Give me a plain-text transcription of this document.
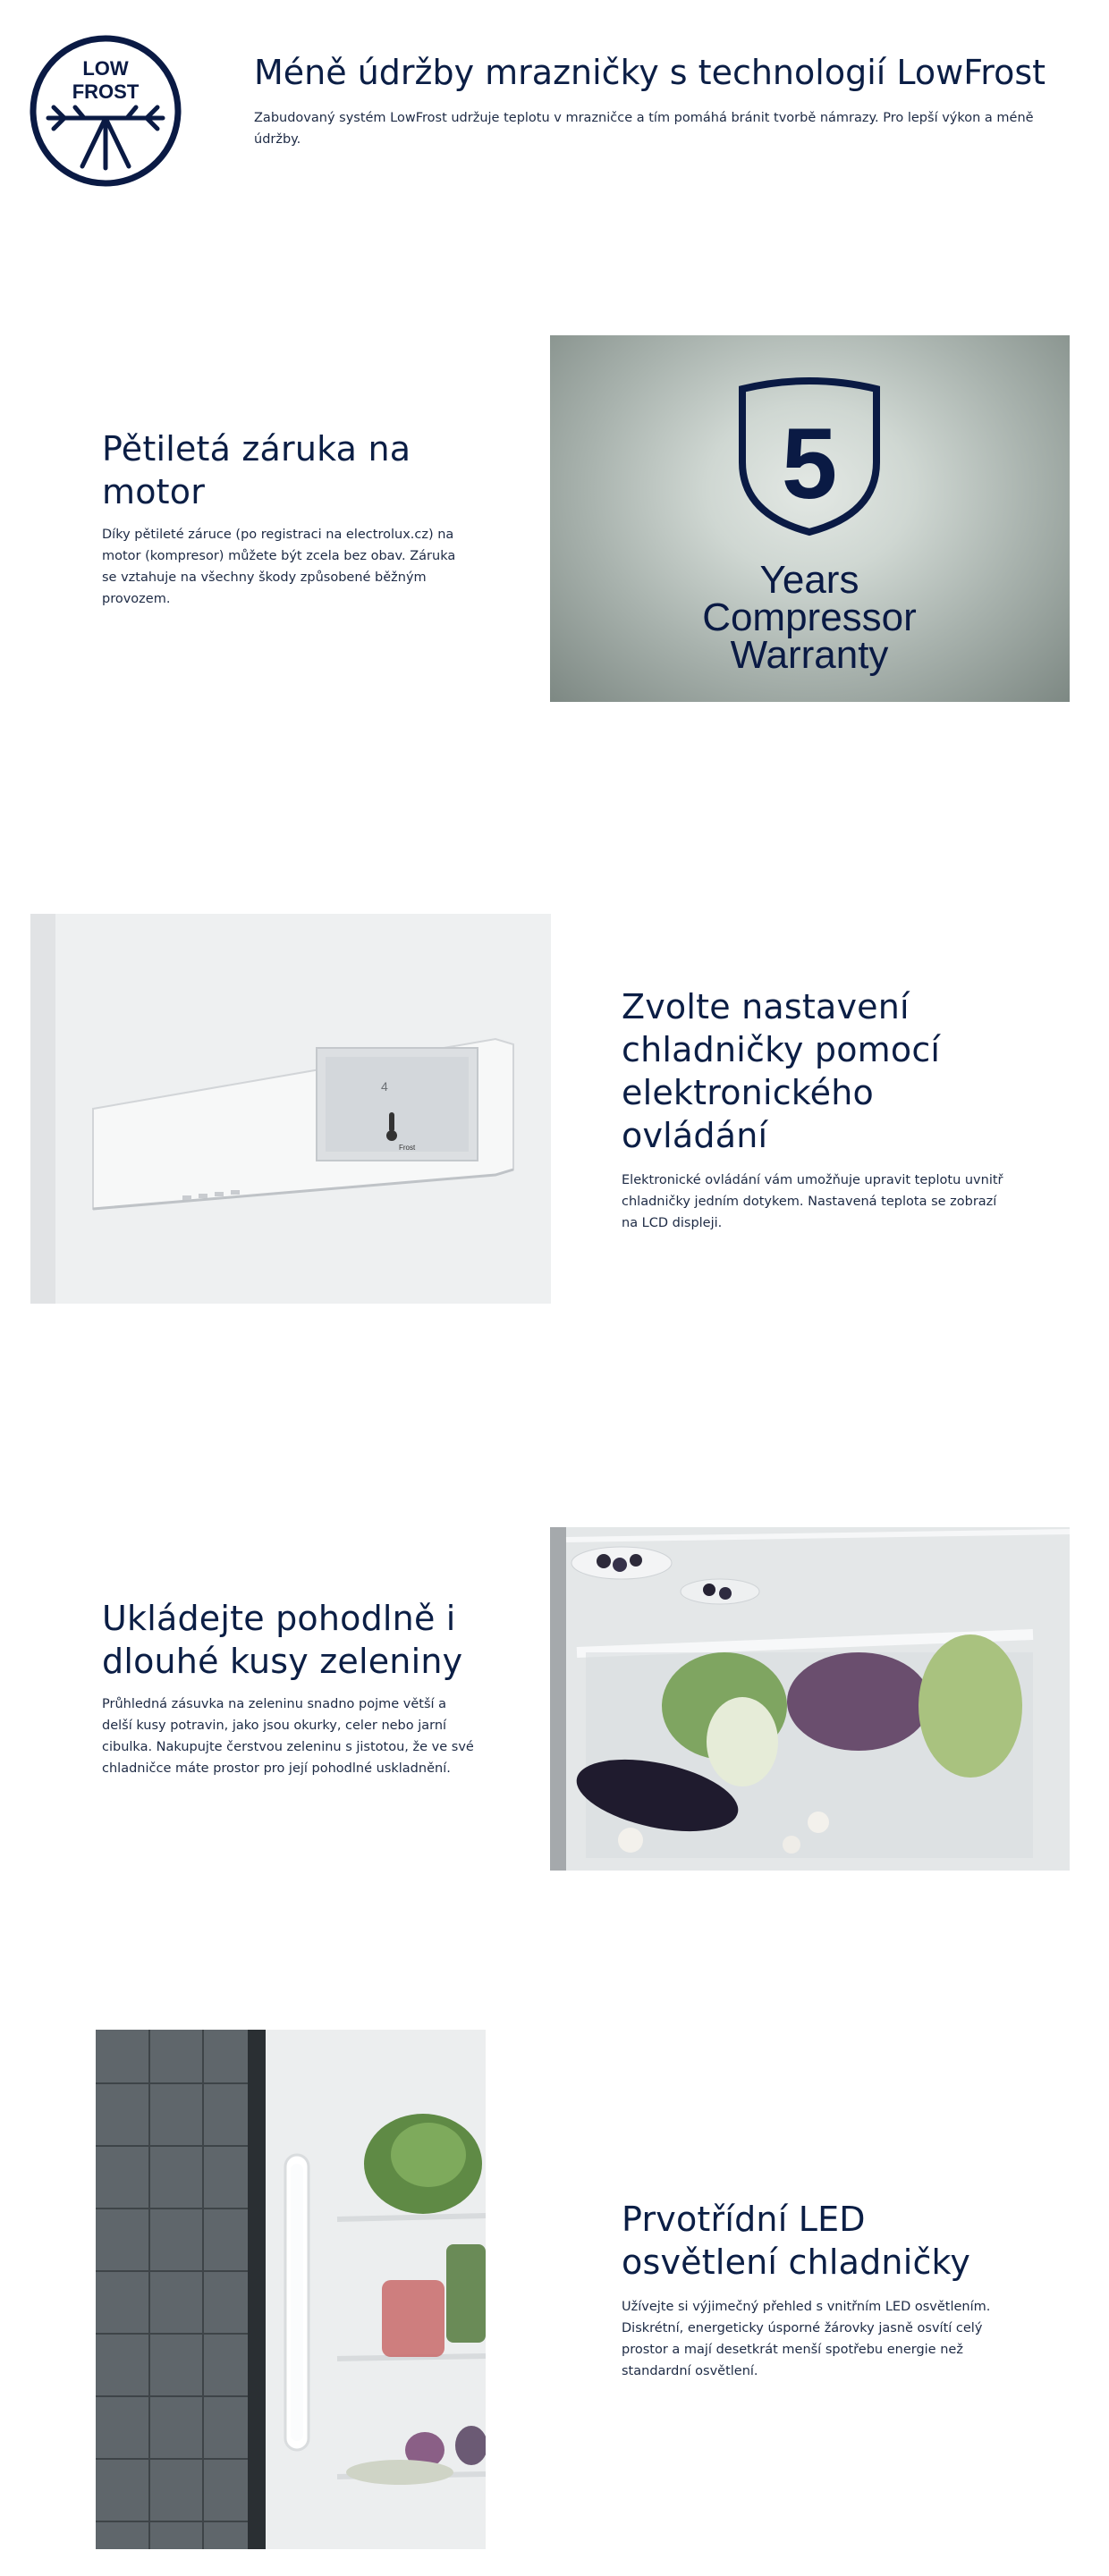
LOW
FROST	Méně údržby mrazničky s technologií LowFrost

Zabudovaný systém LowFrost udržuje teplotu v mrazničce a tím pomáhá bránit tvorbě námrazy. Pro lepší výkon a méně údržby.

Pětiletá záruka na motor

Díky pětileté záruce (po registraci na electrolux.cz) na motor (kompresor) můžete být zcela bez obav. Záruka se vztahuje na všechny škody způsobené běžným provozem.

5
Years
Compressor
Warranty
4
Frost
Zvolte nastavení chladničky pomocí elektronického ovládání

Elektronické ovládání vám umožňuje upravit teplotu uvnitř chladničky jedním dotykem. Nastavená teplota se zobrazí na LCD displeji.

Ukládejte pohodlně i dlouhé kusy zeleniny

Průhledná zásuvka na zeleninu snadno pojme větší a delší kusy potravin, jako jsou okurky, celer nebo jarní cibulka. Nakupujte čerstvou zeleninu s jistotou, že ve své chladničce máte prostor pro její pohodlné uskladnění.

Prvotřídní LED osvětlení chladničky

Užívejte si výjimečný přehled s vnitřním LED osvětlením. Diskrétní, energeticky úsporné žárovky jasně osvítí celý prostor a mají desetkrát menší spotřebu energie než standardní osvětlení.
